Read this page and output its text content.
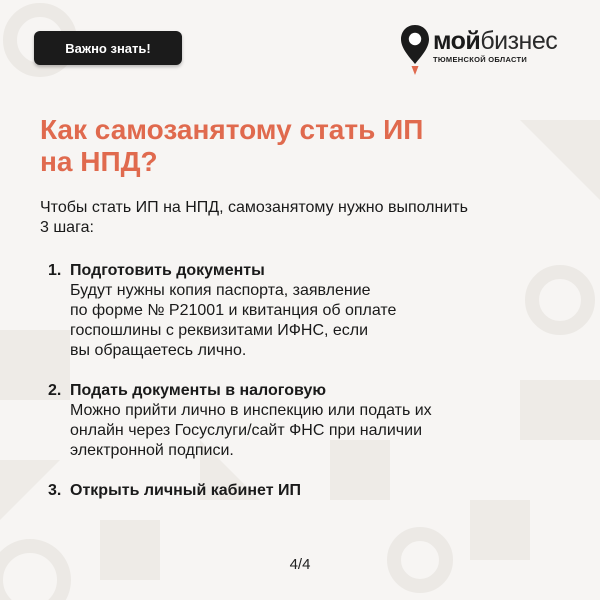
Важно знать!	мойбизнес
ТЮМЕНСКОЙ ОБЛАСТИ
Как самозанятому стать ИП на НПД?

Чтобы стать ИП на НПД, самозанятому нужно выполнить 3 шага:

1. Подготовить документы
Будут нужны копия паспорта, заявление
по форме № Р21001 и квитанция об оплате
госпошлины с реквизитами ИФНС, если
вы обращаетесь лично.
2. Подать документы в налоговую
Можно прийти лично в инспекцию или подать их
онлайн через Госуслуги/сайт ФНС при наличии
электронной подписи.
3. Открыть личный кабинет ИП
4/4
